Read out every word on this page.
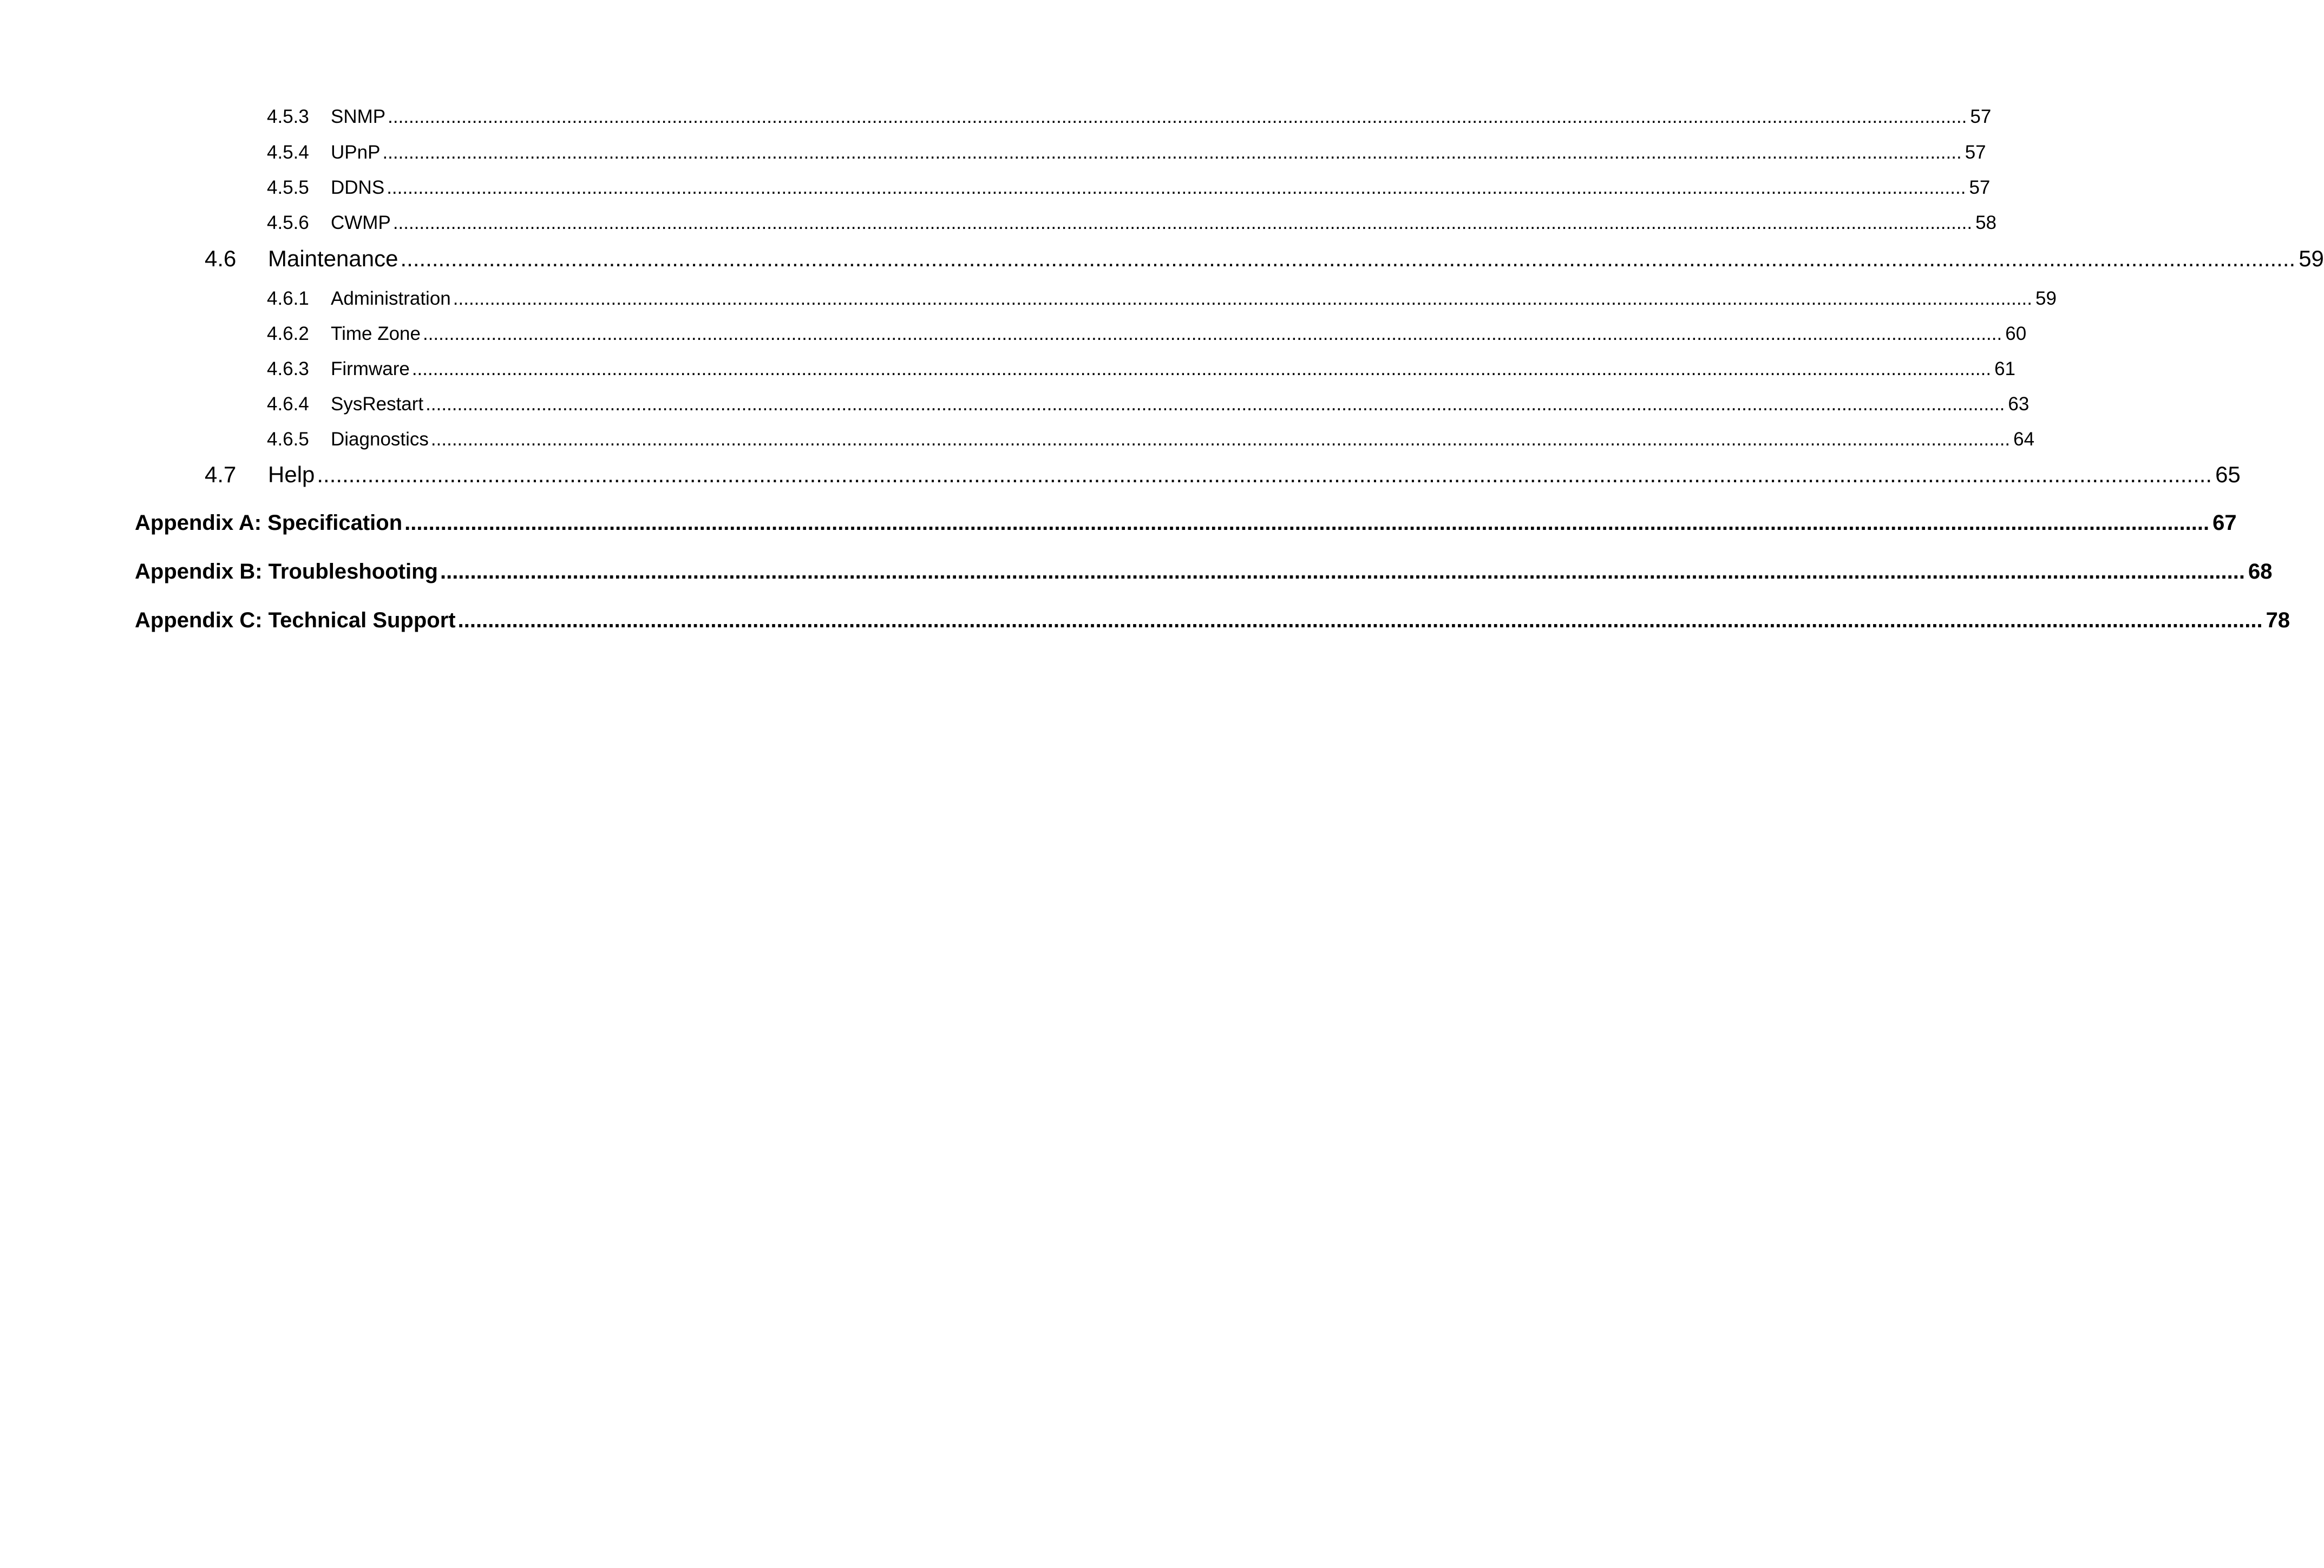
4.5.3	SNMP ............................................................................................................................................................................................................................................................................................................ 57
4.5.4	UPnP ............................................................................................................................................................................................................................................................................................................ 57
4.5.5	DDNS ............................................................................................................................................................................................................................................................................................................ 57
4.5.6	CWMP ............................................................................................................................................................................................................................................................................................................ 58
4.6	Maintenance ............................................................................................................................................................................................................................................................................................................ 59
4.6.1	Administration ............................................................................................................................................................................................................................................................................................................ 59
4.6.2	Time Zone ............................................................................................................................................................................................................................................................................................................ 60
4.6.3	Firmware ............................................................................................................................................................................................................................................................................................................ 61
4.6.4	SysRestart ............................................................................................................................................................................................................................................................................................................ 63
4.6.5	Diagnostics ............................................................................................................................................................................................................................................................................................................ 64
4.7	Help ............................................................................................................................................................................................................................................................................................................ 65
Appendix A: Specification ............................................................................................................................................................................................................................................................................................................ 67
Appendix B: Troubleshooting ............................................................................................................................................................................................................................................................................................................ 68
Appendix C: Technical Support ............................................................................................................................................................................................................................................................................................................ 78
